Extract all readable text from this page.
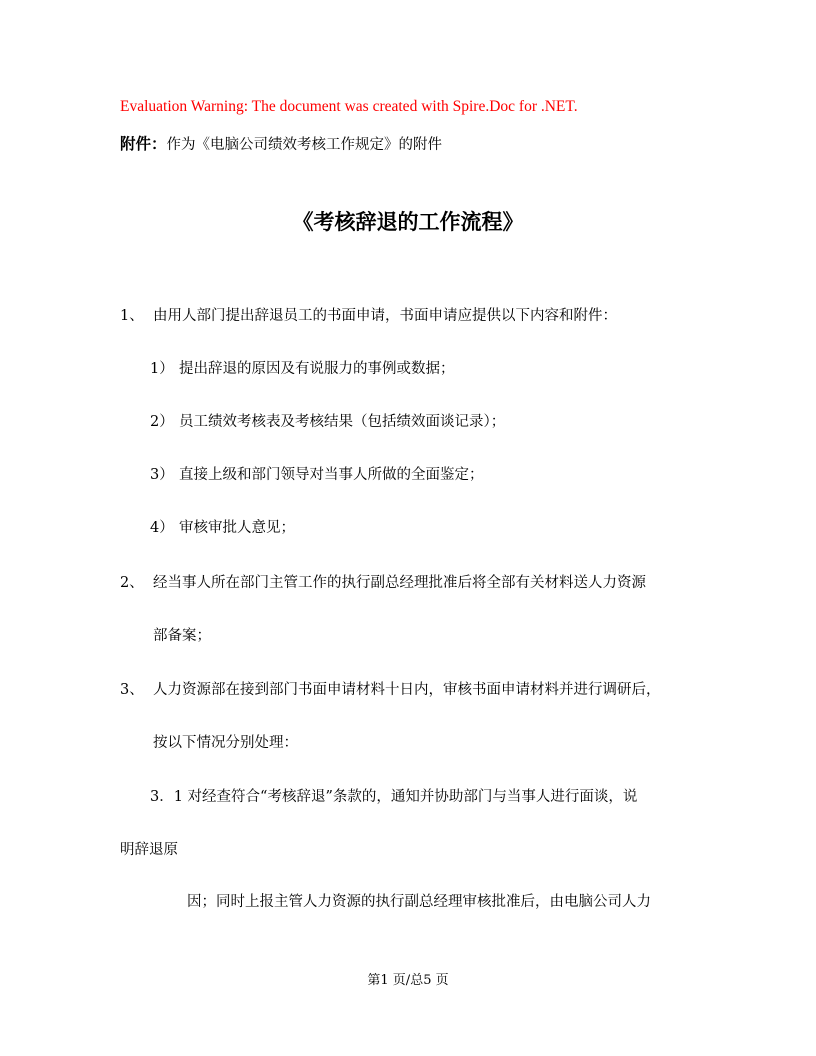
Evaluation Warning: The document was created with Spire.Doc for .NET.
附件：作为《电脑公司绩效考核工作规定》的附件
《考核辞退的工作流程》
1、 由用人部门提出辞退员工的书面申请，书面申请应提供以下内容和附件：
1） 提出辞退的原因及有说服力的事例或数据；
2） 员工绩效考核表及考核结果（包括绩效面谈记录）；
3） 直接上级和部门领导对当事人所做的全面鉴定；
4） 审核审批人意见；
2、 经当事人所在部门主管工作的执行副总经理批准后将全部有关材料送人力资源
部备案；
3、 人力资源部在接到部门书面申请材料十日内，审核书面申请材料并进行调研后，
按以下情况分别处理：
3．1 对经查符合“考核辞退”条款的，通知并协助部门与当事人进行面谈，说
明辞退原
因；同时上报主管人力资源的执行副总经理审核批准后，由电脑公司人力
第1 页/总5 页
